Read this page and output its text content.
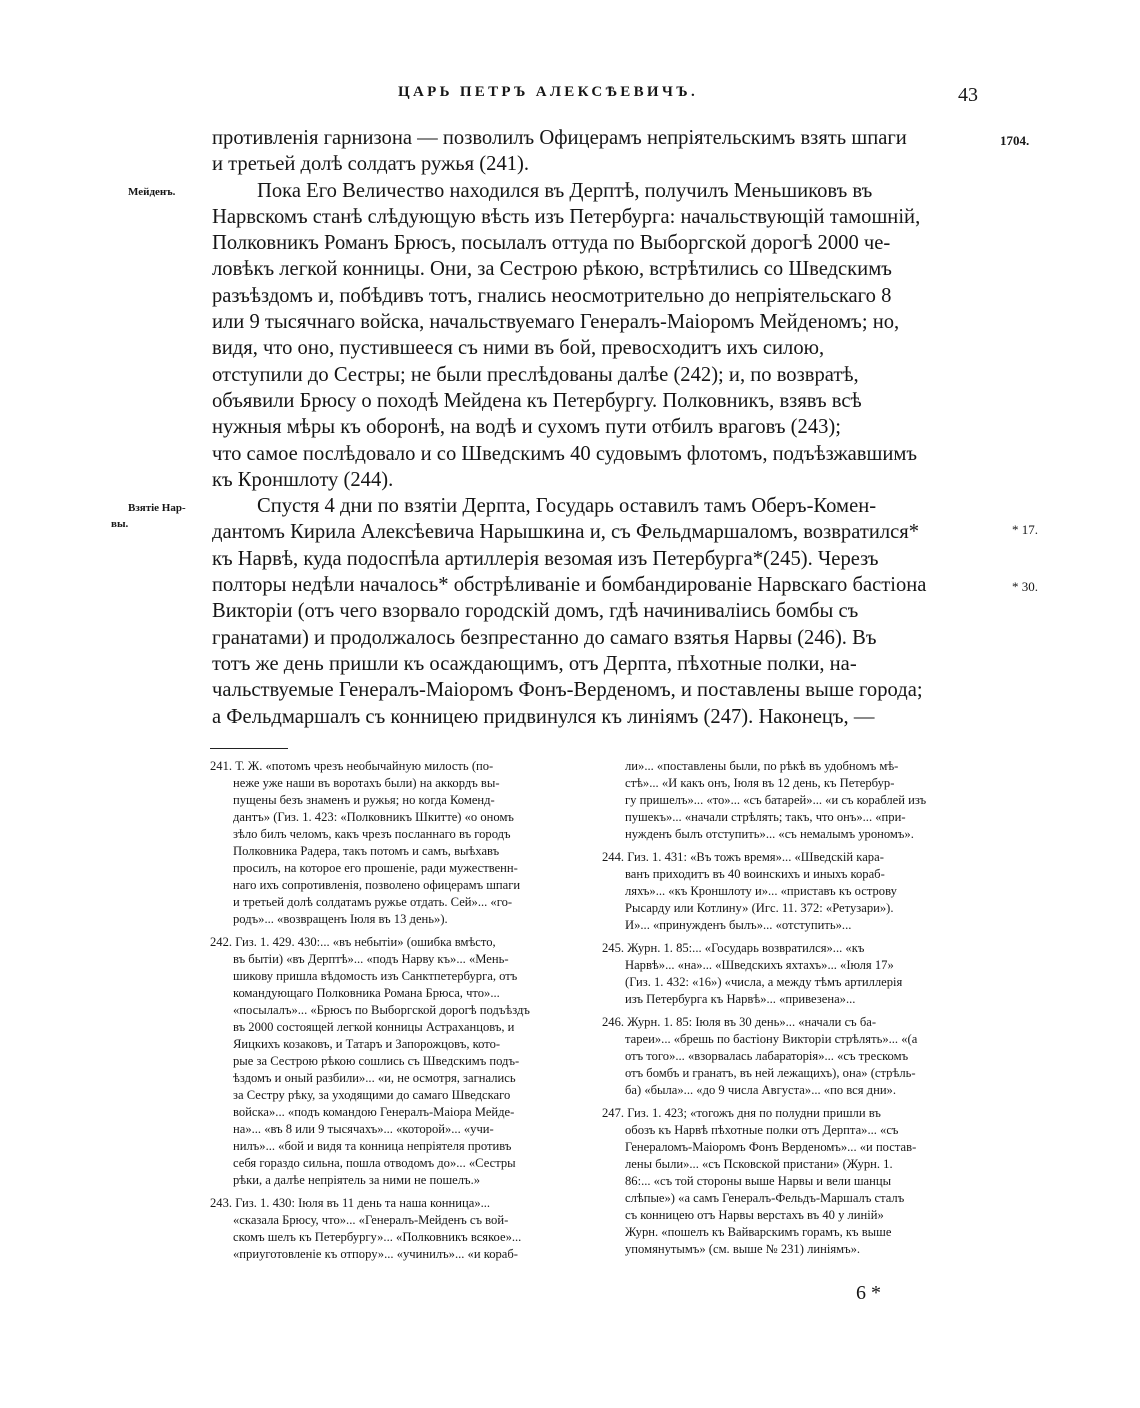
ЦАРЬ ПЕТРЪ АЛЕКСѢЕВИЧЪ.	43
1704.
Мейденъ.
Взятіе Нар-
вы.	* 17.
* 30.
противленія гарнизона — позволилъ Офицерамъ непріятельскимъ взять шпаги
и третьей долѣ солдатъ ружья (241).
Пока Его Величество находился въ Дерптѣ, получилъ Меньшиковъ въ
Нарвскомъ станѣ слѣдующую вѣсть изъ Петербурга: начальствующій тамошній,
Полковникъ Романъ Брюсъ, посылалъ оттуда по Выборгской дорогѣ 2000 че-
ловѣкъ легкой конницы. Они, за Сестрою рѣкою, встрѣтились со Шведскимъ
разъѣздомъ и, побѣдивъ тотъ, гнались неосмотрительно до непріятельскаго 8
или 9 тысячнаго войска, начальствуемаго Генералъ-Маіоромъ Мейденомъ; но,
видя, что оно, пустившееся съ ними въ бой, превосходитъ ихъ силою,
отступили до Сестры; не были преслѣдованы далѣе (242); и, по возвратѣ,
объявили Брюсу о походѣ Мейдена къ Петербургу. Полковникъ, взявъ всѣ
нужныя мѣры къ оборонѣ, на водѣ и сухомъ пути отбилъ враговъ (243);
что самое послѣдовало и со Шведскимъ 40 судовымъ флотомъ, подъѣзжавшимъ
къ Кроншлоту (244).
Спустя 4 дни по взятіи Дерпта, Государь оставилъ тамъ Оберъ-Комен-
дантомъ Кирила Алексѣевича Нарышкина и, съ Фельдмаршаломъ, возвратился*
къ Нарвѣ, куда подоспѣла артиллерія везомая изъ Петербурга*(245). Черезъ
полторы недѣли началось* обстрѣливаніе и бомбандированіе Нарвскаго бастіона
Викторіи (отъ чего взорвало городскій домъ, гдѣ начиниваліись бомбы съ
гранатами) и продолжалось безпрестанно до самаго взятья Нарвы (246). Въ
тотъ же день пришли къ осаждающимъ, отъ Дерпта, пѣхотные полки, на-
чальствуемые Генералъ-Маіоромъ Фонъ-Верденомъ, и поставлены выше города;
а Фельдмаршалъ съ конницею придвинулся къ линіямъ (247). Наконецъ, —
241. Т. Ж. «потомъ чрезъ необычайную милость (по-
неже уже наши въ воротахъ были) на аккордъ вы-
пущены безъ знаменъ и ружья; но когда Коменд-
дантъ» (Гиз. 1. 423: «Полковникъ Шкитте) «о ономъ
зѣло билъ челомъ, какъ чрезъ посланнаго въ городъ
Полковника Радера, такъ потомъ и самъ, выѣхавъ
просилъ, на которое его прошеніе, ради мужественн-
наго ихъ сопротивленія, позволено офицерамъ шпаги
и третьей долѣ солдатамъ ружье отдать. Сей»... «го-
родъ»... «возвращенъ Іюля въ 13 день»).
242. Гиз. 1. 429. 430:... «въ небытіи» (ошибка вмѣсто,
въ бытіи) «въ Дерптѣ»... «подъ Нарву къ»... «Мень-
шикову пришла вѣдомость изъ Санктпетербурга, отъ
командующаго Полковника Романа Брюса, что»...
«посылалъ»... «Брюсъ по Выборгской дорогѣ подъѣздъ
въ 2000 состоящей легкой конницы Астраханцовъ, и
Яицкихъ козаковъ, и Татаръ и Запорожцовъ, кото-
рые за Сестрою рѣкою сошлись съ Шведскимъ подъ-
ѣздомъ и оный разбили»... «и, не осмотря, загнались
за Сестру рѣку, за уходящими до самаго Шведскаго
войска»... «подъ командою Генералъ-Маіора Мейде-
на»... «въ 8 или 9 тысячахъ»... «которой»... «учи-
нилъ»... «бой и видя та конница непріятеля противъ
себя гораздо сильна, пошла отводомъ до»... «Сестры
рѣки, а далѣе непріятель за ними не пошелъ.»
243. Гиз. 1. 430: Іюля въ 11 день та наша конница»...
«сказала Брюсу, что»... «Генералъ-Мейденъ съ вой-
скомъ шелъ къ Петербургу»... «Полковникъ всякое»...
«приуготовленіе къ отпору»... «учинилъ»... «и кораб-
ли»... «поставлены были, по рѣкѣ въ удобномъ мѣ-
стѣ»... «И какъ онъ, Іюля въ 12 день, къ Петербур-
гу пришелъ»... «то»... «съ батарей»... «и съ кораблей изъ
пушекъ»... «начали стрѣлять; такъ, что онъ»... «при-
нужденъ былъ отступить»... «съ немалымъ урономъ».
244. Гиз. 1. 431: «Въ тожъ время»... «Шведскій кара-
ванъ приходитъ въ 40 воинскихъ и иныхъ кораб-
ляхъ»... «къ Кроншлоту и»... «приставъ къ острову
Рысарду или Котлину» (Игс. 11. 372: «Ретузари»).
И»... «принужденъ былъ»... «отступить»...
245. Журн. 1. 85:... «Государь возвратился»... «къ
Нарвѣ»... «на»... «Шведскихъ яхтахъ»... «Іюля 17»
(Гиз. 1. 432: «16») «числа, а между тѣмъ артиллерія
изъ Петербурга къ Нарвѣ»... «привезена»...
246. Журн. 1. 85: Іюля въ 30 день»... «начали съ ба-
тареи»... «брешь по бастіону Викторіи стрѣлять»... «(а
отъ того»... «взорвалась лабараторія»... «съ трескомъ
отъ бомбъ и гранатъ, въ ней лежащихъ), она» (стрѣль-
ба) «была»... «до 9 числа Августа»... «по вся дни».
247. Гиз. 1. 423; «тогожъ дня по полудни пришли въ
обозъ къ Нарвѣ пѣхотные полки отъ Дерпта»... «съ
Генераломъ-Маіоромъ Фонъ Верденомъ»... «и постав-
лены были»... «съ Псковской пристани» (Журн. 1.
86:... «съ той стороны выше Нарвы и вели шанцы
слѣпые») «а самъ Генералъ-Фельдъ-Маршалъ сталъ
съ конницею отъ Нарвы верстахъ въ 40 у линій»
Журн. «пошелъ къ Вайварскимъ горамъ, къ выше
упомянутымъ» (см. выше № 231) линіямъ».
6 *
